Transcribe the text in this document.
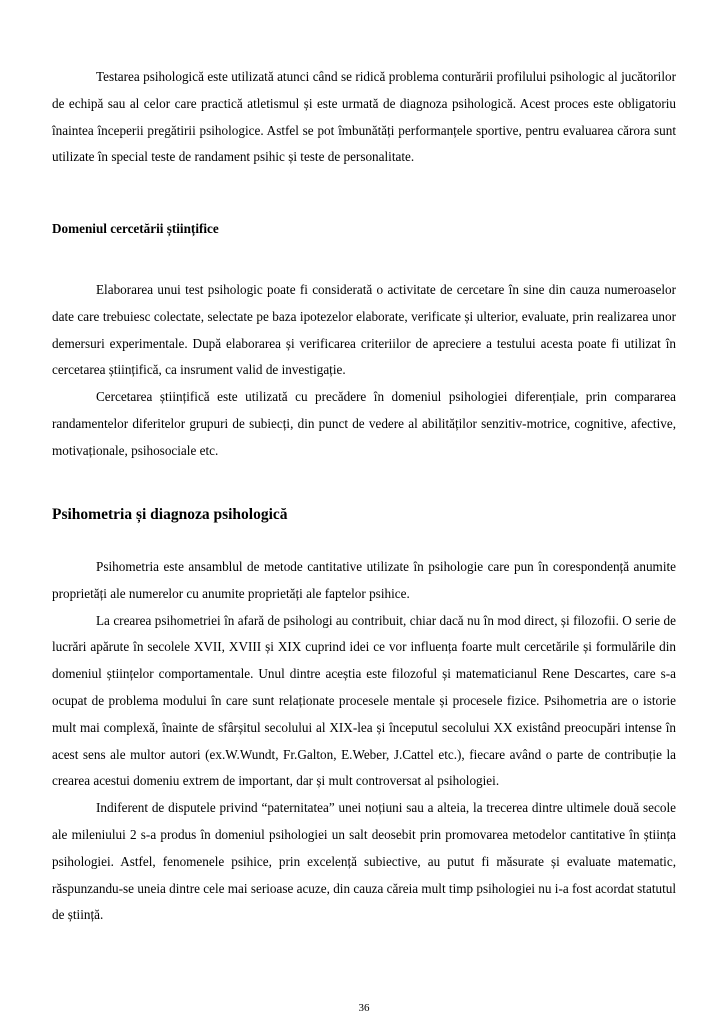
Testarea psihologică este utilizată atunci când se ridică problema conturării profilului psihologic al jucătorilor de echipă sau al celor care practică atletismul și este urmată de diagnoza psihologică. Acest proces este obligatoriu înaintea începerii pregătirii psihologice. Astfel se pot îmbunătăți performanțele sportive, pentru evaluarea cărora sunt utilizate în special teste de randament psihic și teste de personalitate.

Domeniul cercetării științifice

Elaborarea unui test psihologic poate fi considerată o activitate de cercetare în sine din cauza numeroaselor date care trebuiesc colectate, selectate pe baza ipotezelor elaborate, verificate și ulterior, evaluate, prin realizarea unor demersuri experimentale. După elaborarea și verificarea criteriilor de apreciere a testului acesta poate fi utilizat în cercetarea științifică, ca insrument valid de investigație.

Cercetarea științifică este utilizată cu precădere în domeniul psihologiei diferențiale, prin compararea randamentelor diferitelor grupuri de subiecți, din punct de vedere al abilităților senzitiv-motrice, cognitive, afective, motivaționale, psihosociale etc.

Psihometria și diagnoza psihologică

Psihometria este ansamblul de metode cantitative utilizate în psihologie care pun în corespondență anumite proprietăți ale numerelor cu anumite proprietăți ale faptelor psihice.

La crearea psihometriei în afară de psihologi au contribuit, chiar dacă nu în mod direct, și filozofii. O serie de lucrări apărute în secolele XVII, XVIII și XIX cuprind idei ce vor influența foarte mult cercetările și formulările din domeniul științelor comportamentale. Unul dintre aceștia este filozoful și matematicianul Rene Descartes, care s-a ocupat de problema modului în care sunt relaționate procesele mentale și procesele fizice. Psihometria are o istorie mult mai complexă, înainte de sfârșitul secolului al XIX-lea și începutul secolului XX existând preocupări intense în acest sens ale multor autori (ex.W.Wundt, Fr.Galton, E.Weber, J.Cattel etc.), fiecare având o parte de contribuție la crearea acestui domeniu extrem de important, dar și mult controversat al psihologiei.

Indiferent de disputele privind “paternitatea” unei noțiuni sau a alteia, la trecerea dintre ultimele două secole ale mileniului 2 s-a produs în domeniul psihologiei un salt deosebit prin promovarea metodelor cantitative în știința psihologiei. Astfel, fenomenele psihice, prin excelență subiective, au putut fi măsurate și evaluate matematic, răspunzandu-se uneia dintre cele mai serioase acuze, din cauza căreia mult timp psihologiei nu i-a fost acordat statutul de știință.

36
